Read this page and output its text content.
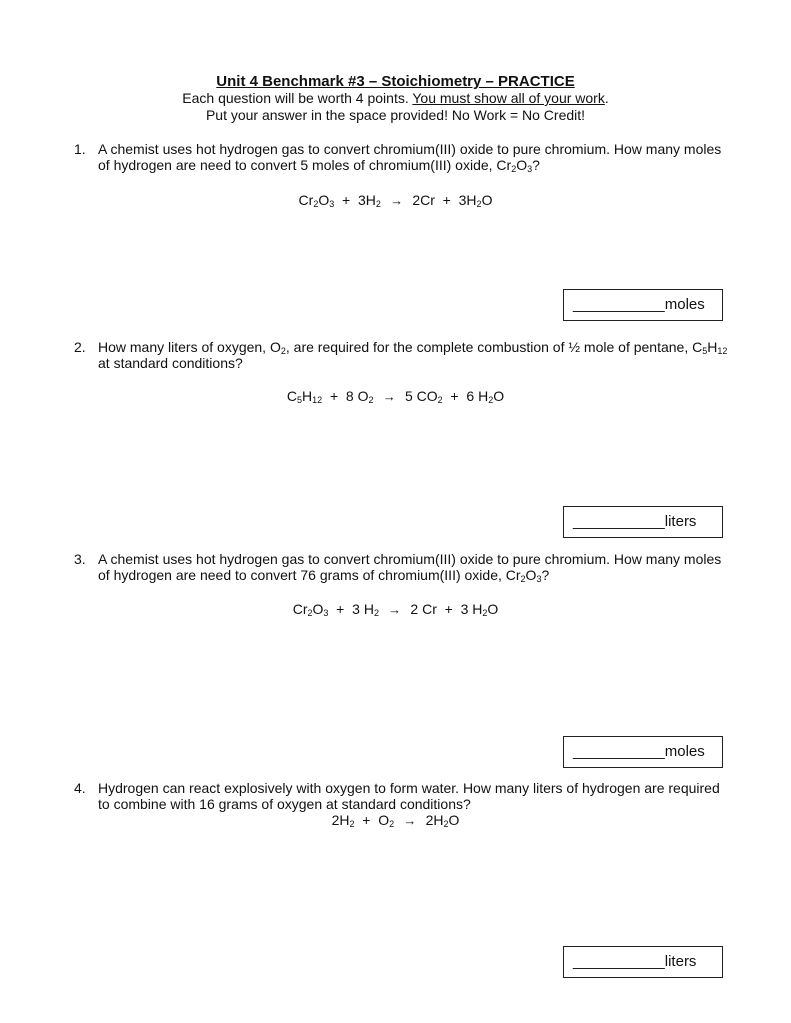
Unit 4 Benchmark #3 – Stoichiometry – PRACTICE
Each question will be worth 4 points. You must show all of your work.
Put your answer in the space provided! No Work = No Credit!
1. A chemist uses hot hydrogen gas to convert chromium(III) oxide to pure chromium. How many moles of hydrogen are need to convert 5 moles of chromium(III) oxide, $Cr_2O_3$?
$Cr_2O_3 + 3H_2 \to 2Cr + 3H_2O$
___________moles
2. How many liters of oxygen, $O_2$, are required for the complete combustion of ½ mole of pentane, $C_5H_{12}$ at standard conditions?
$C_5H_{12} + 8$ $O_2 \to 5$ $CO_2 + 6$ $H_2O$
___________liters
3. A chemist uses hot hydrogen gas to convert chromium(III) oxide to pure chromium. How many moles of hydrogen are need to convert 76 grams of chromium(III) oxide, $Cr_2O_3$?
$Cr_2O_3 + 3$ $H_2 \to 2$ Cr  +  3 $H_2O$
___________moles
4. Hydrogen can react explosively with oxygen to form water. How many liters of hydrogen are required to combine with 16 grams of oxygen at standard conditions?
$2H_2 + O_2 \to 2H_2O$
___________liters
